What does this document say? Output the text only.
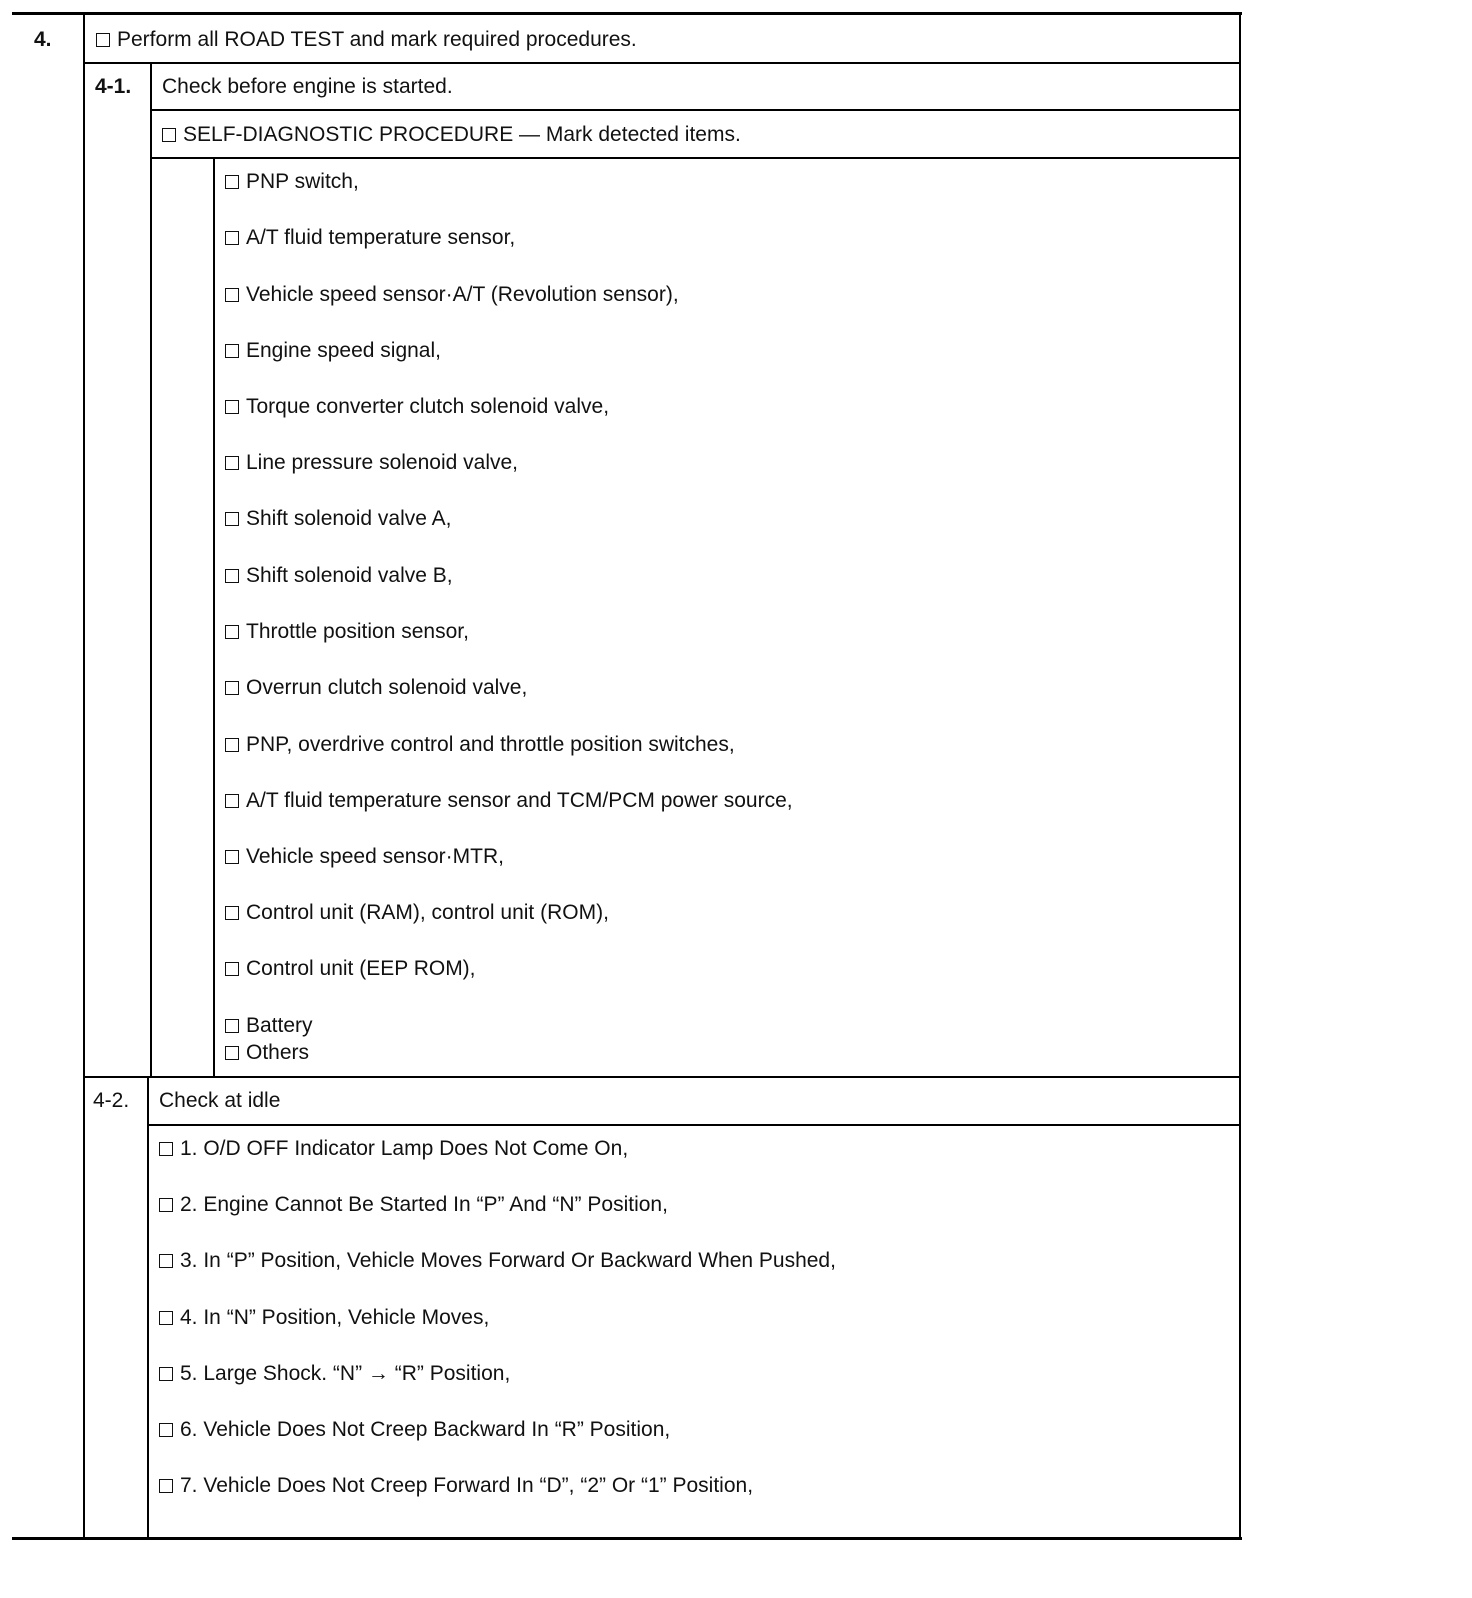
4.	Perform all ROAD TEST and mark required procedures.
4-1. Check before engine is started.
SELF-DIAGNOSTIC PROCEDURE — Mark detected items.
PNP switch,
A/T fluid temperature sensor,
Vehicle speed sensor·A/T (Revolution sensor),
Engine speed signal,
Torque converter clutch solenoid valve,
Line pressure solenoid valve,
Shift solenoid valve A,
Shift solenoid valve B,
Throttle position sensor,
Overrun clutch solenoid valve,
PNP, overdrive control and throttle position switches,
A/T fluid temperature sensor and TCM/PCM power source,
Vehicle speed sensor·MTR,
Control unit (RAM), control unit (ROM),
Control unit (EEP ROM),
Battery
Others
4-2. Check at idle
1. O/D OFF Indicator Lamp Does Not Come On,
2. Engine Cannot Be Started In “P” And “N” Position,
3. In “P” Position, Vehicle Moves Forward Or Backward When Pushed,
4. In “N” Position, Vehicle Moves,
5. Large Shock. “N” → “R” Position,
6. Vehicle Does Not Creep Backward In “R” Position,
7. Vehicle Does Not Creep Forward In “D”, “2” Or “1” Position,
